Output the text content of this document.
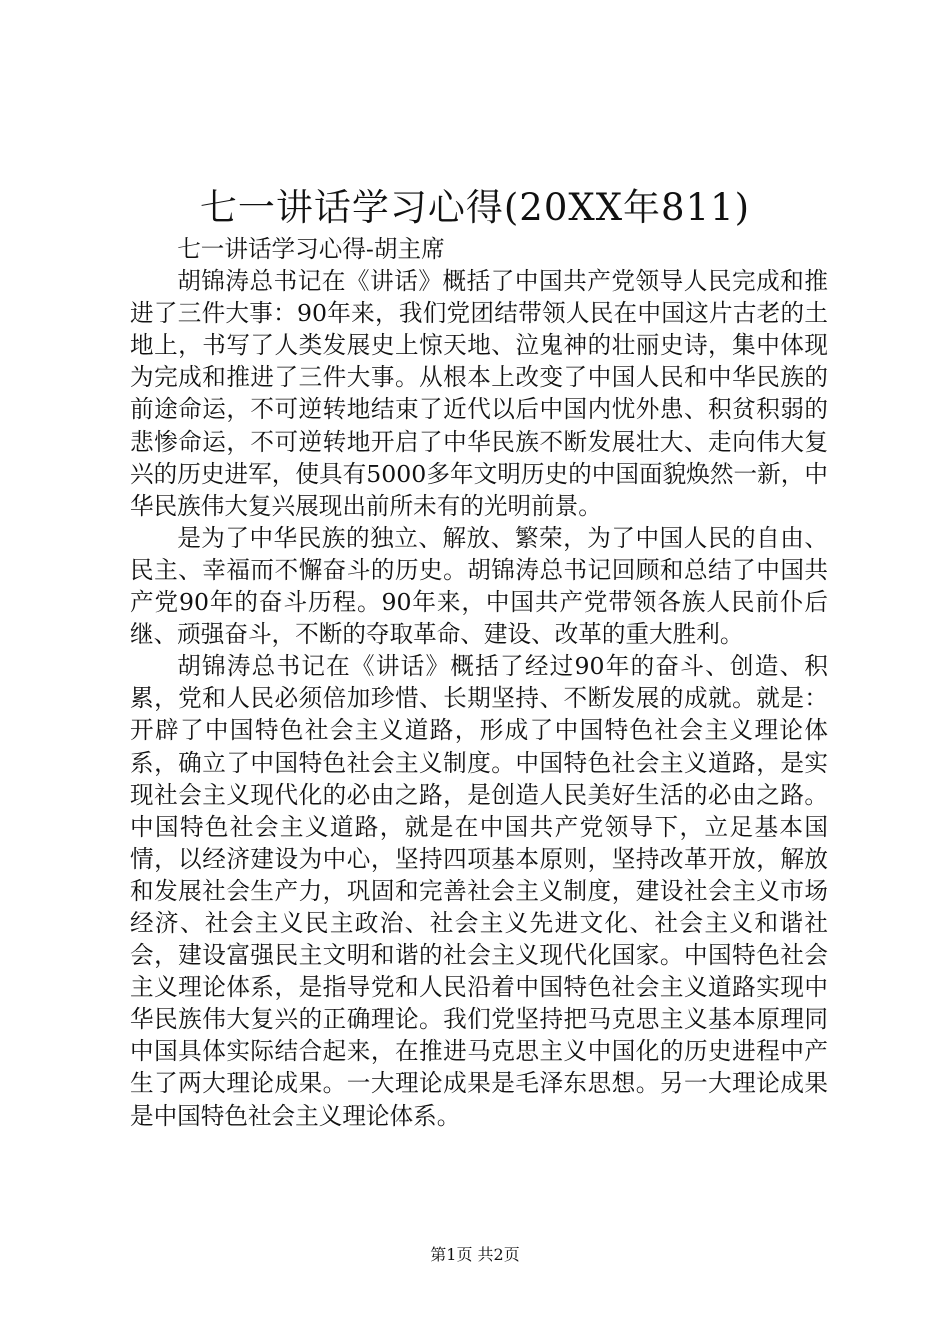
七一讲话学习心得(20XX年811)

七一讲话学习心得-胡主席

胡锦涛总书记在《讲话》概括了中国共产党领导人民完成和推进了三件大事：90年来，我们党团结带领人民在中国这片古老的土地上，书写了人类发展史上惊天地、泣鬼神的壮丽史诗，集中体现为完成和推进了三件大事。从根本上改变了中国人民和中华民族的前途命运，不可逆转地结束了近代以后中国内忧外患、积贫积弱的悲惨命运，不可逆转地开启了中华民族不断发展壮大、走向伟大复兴的历史进军，使具有5000多年文明历史的中国面貌焕然一新，中华民族伟大复兴展现出前所未有的光明前景。

是为了中华民族的独立、解放、繁荣，为了中国人民的自由、民主、幸福而不懈奋斗的历史。胡锦涛总书记回顾和总结了中国共产党90年的奋斗历程。90年来，中国共产党带领各族人民前仆后继、顽强奋斗，不断的夺取革命、建设、改革的重大胜利。

胡锦涛总书记在《讲话》概括了经过90年的奋斗、创造、积累，党和人民必须倍加珍惜、长期坚持、不断发展的成就。就是：开辟了中国特色社会主义道路，形成了中国特色社会主义理论体系，确立了中国特色社会主义制度。中国特色社会主义道路，是实现社会主义现代化的必由之路，是创造人民美好生活的必由之路。中国特色社会主义道路，就是在中国共产党领导下，立足基本国情，以经济建设为中心，坚持四项基本原则，坚持改革开放，解放和发展社会生产力，巩固和完善社会主义制度，建设社会主义市场经济、社会主义民主政治、社会主义先进文化、社会主义和谐社会，建设富强民主文明和谐的社会主义现代化国家。中国特色社会主义理论体系，是指导党和人民沿着中国特色社会主义道路实现中华民族伟大复兴的正确理论。我们党坚持把马克思主义基本原理同中国具体实际结合起来，在推进马克思主义中国化的历史进程中产生了两大理论成果。一大理论成果是毛泽东思想。另一大理论成果是中国特色社会主义理论体系。

第1页 共2页
